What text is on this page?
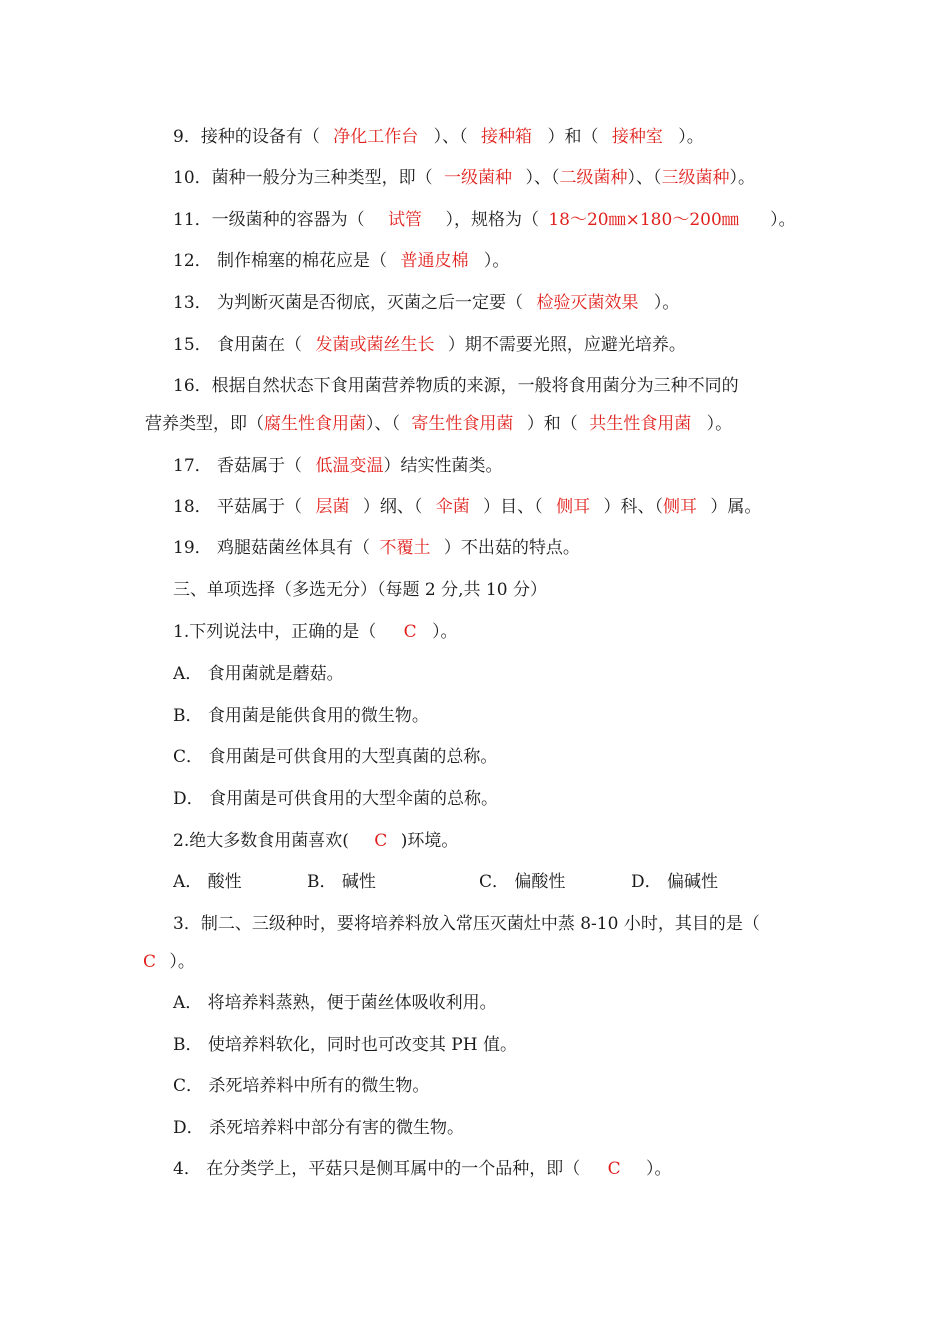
9．接种的设备有（ 净化工作台 ）、（ 接种箱 ）和（ 接种室 ）。
10．菌种一般分为三种类型，即（ 一级菌种 ）、（二级菌种）、（三级菌种）。
11．一级菌种的容器为（ 试管 ），规格为（ 18～20㎜×180～200㎜ ）。
12． 制作棉塞的棉花应是（ 普通皮棉 ）。
13． 为判断灭菌是否彻底，灭菌之后一定要（ 检验灭菌效果 ）。
15． 食用菌在（ 发菌或菌丝生长 ）期不需要光照，应避光培养。
16．根据自然状态下食用菌营养物质的来源，一般将食用菌分为三种不同的
营养类型，即（腐生性食用菌）、（ 寄生性食用菌 ）和（ 共生性食用菌 ）。
17． 香菇属于（ 低温变温）结实性菌类。
18． 平菇属于（ 层菌 ）纲、（ 伞菌 ）目、（ 侧耳 ）科、（侧耳 ）属。
19． 鸡腿菇菌丝体具有（ 不覆土 ）不出菇的特点。
三、单项选择（多选无分）（每题 2 分,共 10 分）
1.下列说法中，正确的是（ C ）。
A． 食用菌就是蘑菇。
B． 食用菌是能供食用的微生物。
C． 食用菌是可供食用的大型真菌的总称。
D． 食用菌是可供食用的大型伞菌的总称。
2.绝大多数食用菌喜欢( C )环境。
A． 酸性	B． 碱性	C． 偏酸性	D． 偏碱性
3．制二、三级种时，要将培养料放入常压灭菌灶中蒸 8-10 小时，其目的是（
C ）。
A． 将培养料蒸熟，便于菌丝体吸收利用。
B． 使培养料软化，同时也可改变其 PH 值。
C． 杀死培养料中所有的微生物。
D． 杀死培养料中部分有害的微生物。
4． 在分类学上，平菇只是侧耳属中的一个品种，即（ C ）。
